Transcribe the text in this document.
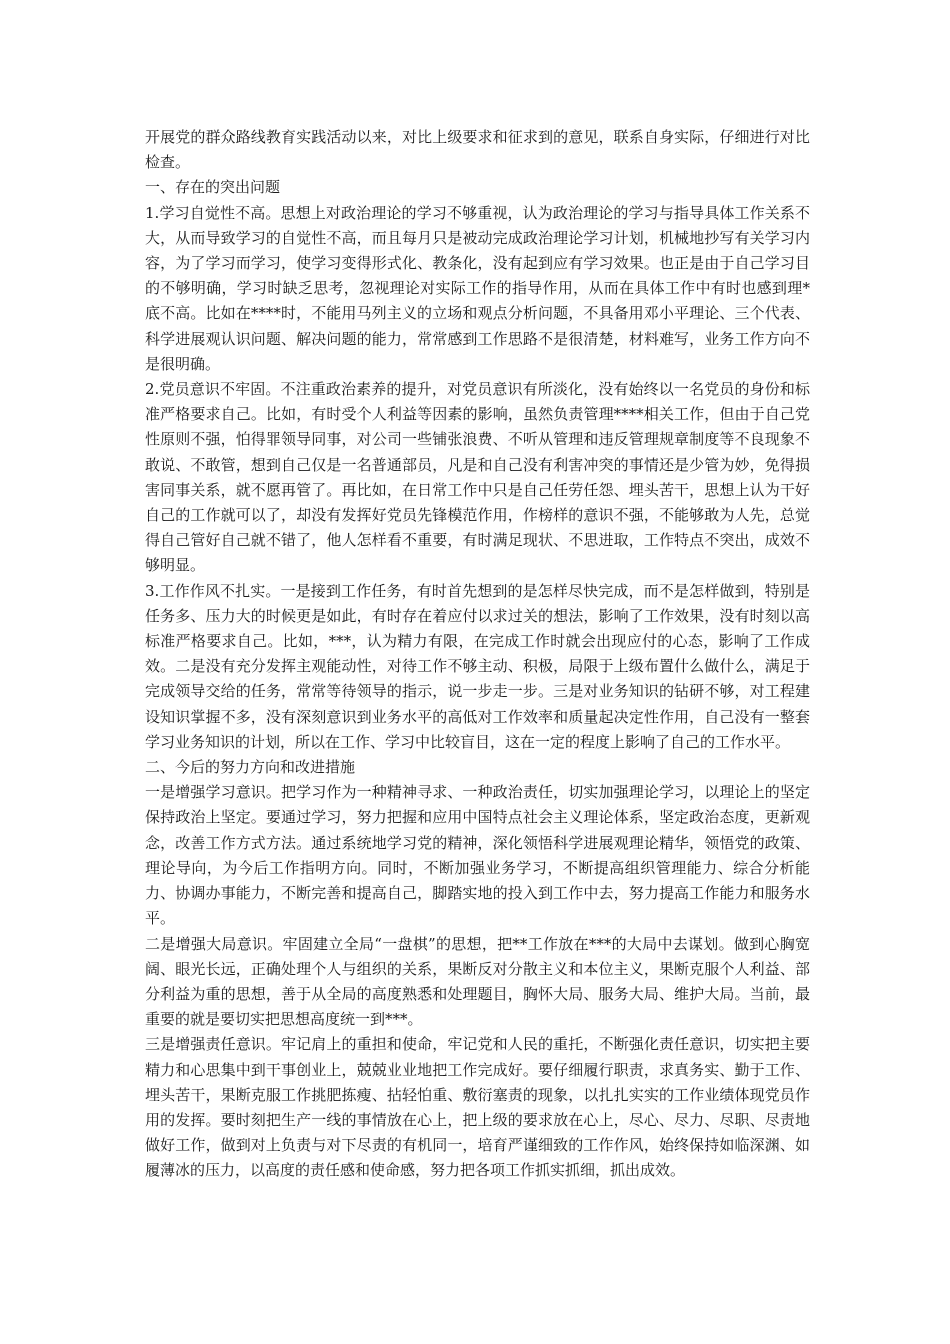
开展党的群众路线教育实践活动以来，对比上级要求和征求到的意见，联系自身实际，仔细进行对比检查。

一、存在的突出问题

1.学习自觉性不高。思想上对政治理论的学习不够重视，认为政治理论的学习与指导具体工作关系不大，从而导致学习的自觉性不高，而且每月只是被动完成政治理论学习计划，机械地抄写有关学习内容，为了学习而学习，使学习变得形式化、教条化，没有起到应有学习效果。也正是由于自己学习目的不够明确，学习时缺乏思考，忽视理论对实际工作的指导作用，从而在具体工作中有时也感到理*底不高。比如在****时，不能用马列主义的立场和观点分析问题，不具备用邓小平理论、三个代表、科学进展观认识问题、解决问题的能力，常常感到工作思路不是很清楚，材料难写，业务工作方向不是很明确。

2.党员意识不牢固。不注重政治素养的提升，对党员意识有所淡化，没有始终以一名党员的身份和标准严格要求自己。比如，有时受个人利益等因素的影响，虽然负责管理****相关工作，但由于自己党性原则不强，怕得罪领导同事，对公司一些铺张浪费、不听从管理和违反管理规章制度等不良现象不敢说、不敢管，想到自己仅是一名普通部员，凡是和自己没有利害冲突的事情还是少管为妙，免得损害同事关系，就不愿再管了。再比如，在日常工作中只是自己任劳任怨、埋头苦干，思想上认为干好自己的工作就可以了，却没有发挥好党员先锋模范作用，作榜样的意识不强，不能够敢为人先，总觉得自己管好自己就不错了，他人怎样看不重要，有时满足现状、不思进取，工作特点不突出，成效不够明显。

3.工作作风不扎实。一是接到工作任务，有时首先想到的是怎样尽快完成，而不是怎样做到，特别是任务多、压力大的时候更是如此，有时存在着应付以求过关的想法，影响了工作效果，没有时刻以高标准严格要求自己。比如，***，认为精力有限，在完成工作时就会出现应付的心态，影响了工作成效。二是没有充分发挥主观能动性，对待工作不够主动、积极，局限于上级布置什么做什么，满足于完成领导交给的任务，常常等待领导的指示，说一步走一步。三是对业务知识的钻研不够，对工程建设知识掌握不多，没有深刻意识到业务水平的高低对工作效率和质量起决定性作用，自己没有一整套学习业务知识的计划，所以在工作、学习中比较盲目，这在一定的程度上影响了自己的工作水平。

二、今后的努力方向和改进措施

一是增强学习意识。把学习作为一种精神寻求、一种政治责任，切实加强理论学习，以理论上的坚定保持政治上坚定。要通过学习，努力把握和应用中国特点社会主义理论体系，坚定政治态度，更新观念，改善工作方式方法。通过系统地学习党的精神，深化领悟科学进展观理论精华，领悟党的政策、理论导向，为今后工作指明方向。同时，不断加强业务学习，不断提高组织管理能力、综合分析能力、协调办事能力，不断完善和提高自己，脚踏实地的投入到工作中去，努力提高工作能力和服务水平。

二是增强大局意识。牢固建立全局“一盘棋”的思想，把**工作放在***的大局中去谋划。做到心胸宽阔、眼光长远，正确处理个人与组织的关系，果断反对分散主义和本位主义，果断克服个人利益、部分利益为重的思想，善于从全局的高度熟悉和处理题目，胸怀大局、服务大局、维护大局。当前，最重要的就是要切实把思想高度统一到***。

三是增强责任意识。牢记肩上的重担和使命，牢记党和人民的重托，不断强化责任意识，切实把主要精力和心思集中到干事创业上，兢兢业业地把工作完成好。要仔细履行职责，求真务实、勤于工作、埋头苦干，果断克服工作挑肥拣瘦、拈轻怕重、敷衍塞责的现象，以扎扎实实的工作业绩体现党员作用的发挥。要时刻把生产一线的事情放在心上，把上级的要求放在心上，尽心、尽力、尽职、尽责地做好工作，做到对上负责与对下尽责的有机同一，培育严谨细致的工作作风，始终保持如临深渊、如履薄冰的压力，以高度的责任感和使命感，努力把各项工作抓实抓细，抓出成效。
